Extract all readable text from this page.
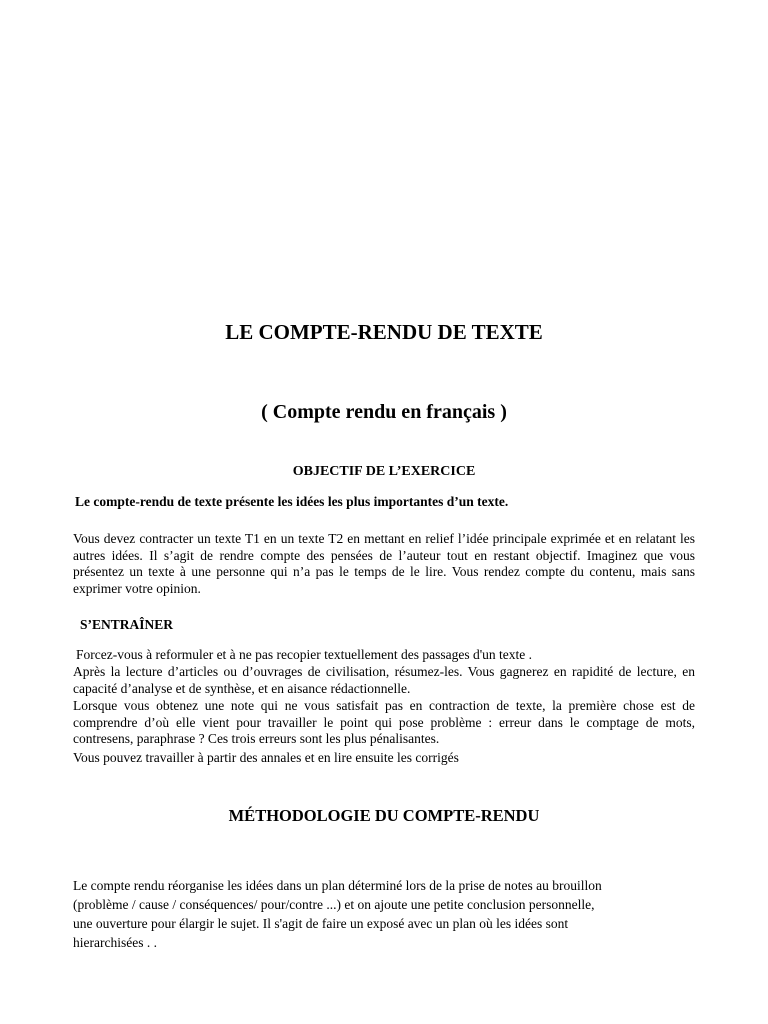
LE COMPTE-RENDU DE TEXTE
( Compte rendu en français )
OBJECTIF DE L’EXERCICE
Le compte-rendu de texte présente les idées les plus importantes d’un texte.
Vous devez contracter un texte T1 en un texte T2 en mettant en relief l’idée principale exprimée et en relatant les autres idées. Il s’agit de rendre compte des pensées de l’auteur tout en restant objectif. Imaginez que vous présentez un texte à une personne qui n’a pas le temps de le lire. Vous rendez compte du contenu, mais sans exprimer votre opinion.
S’ENTRAÎNER
Forcez-vous à reformuler et à ne pas recopier textuellement des passages d'un texte .
Après la lecture d’articles ou d’ouvrages de civilisation, résumez-les. Vous gagnerez en rapidité de lecture, en capacité d’analyse et de synthèse, et en aisance rédactionnelle.
Lorsque vous obtenez une note qui ne vous satisfait pas en contraction de texte, la première chose est de comprendre d’où elle vient pour travailler le point qui pose problème : erreur dans le comptage de mots, contresens, paraphrase ? Ces trois erreurs sont les plus pénalisantes.
Vous pouvez travailler à partir des annales et en lire ensuite les corrigés
MÉTHODOLOGIE DU COMPTE-RENDU
Le compte rendu réorganise les idées dans un plan déterminé lors de la prise de notes au brouillon
(problème / cause / conséquences/ pour/contre ...) et on ajoute une petite conclusion personnelle,
une ouverture pour élargir le sujet. Il s'agit de faire un exposé avec un plan où les idées sont
hierarchisées . .
